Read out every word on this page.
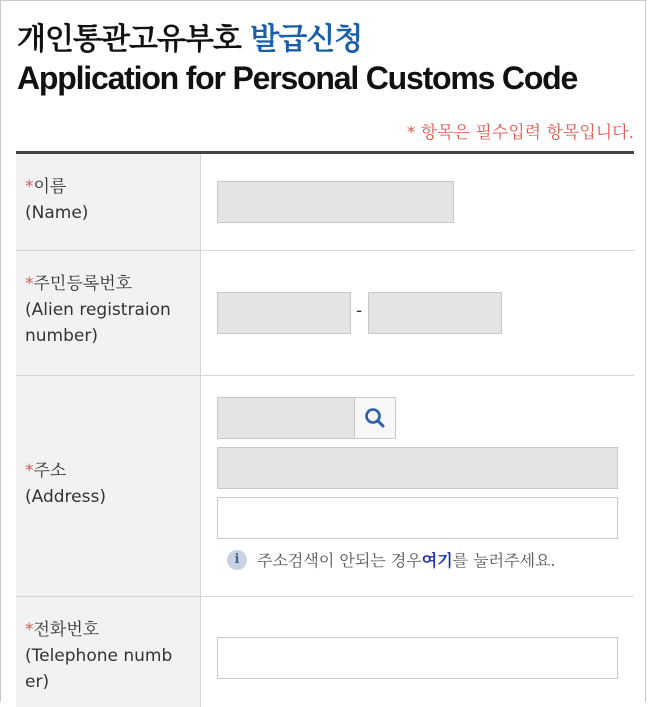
개인통관고유부호 발급신청
Application for Personal Customs Code
* 항목은 필수입력 항목입니다.
*이름
(Name)
*주민등록번호
(Alien registraion
number)
-
*주소
(Address)
i	주소검색이 안되는 경우 여기 를 눌러주세요.
*전화번호
(Telephone numb
er)
